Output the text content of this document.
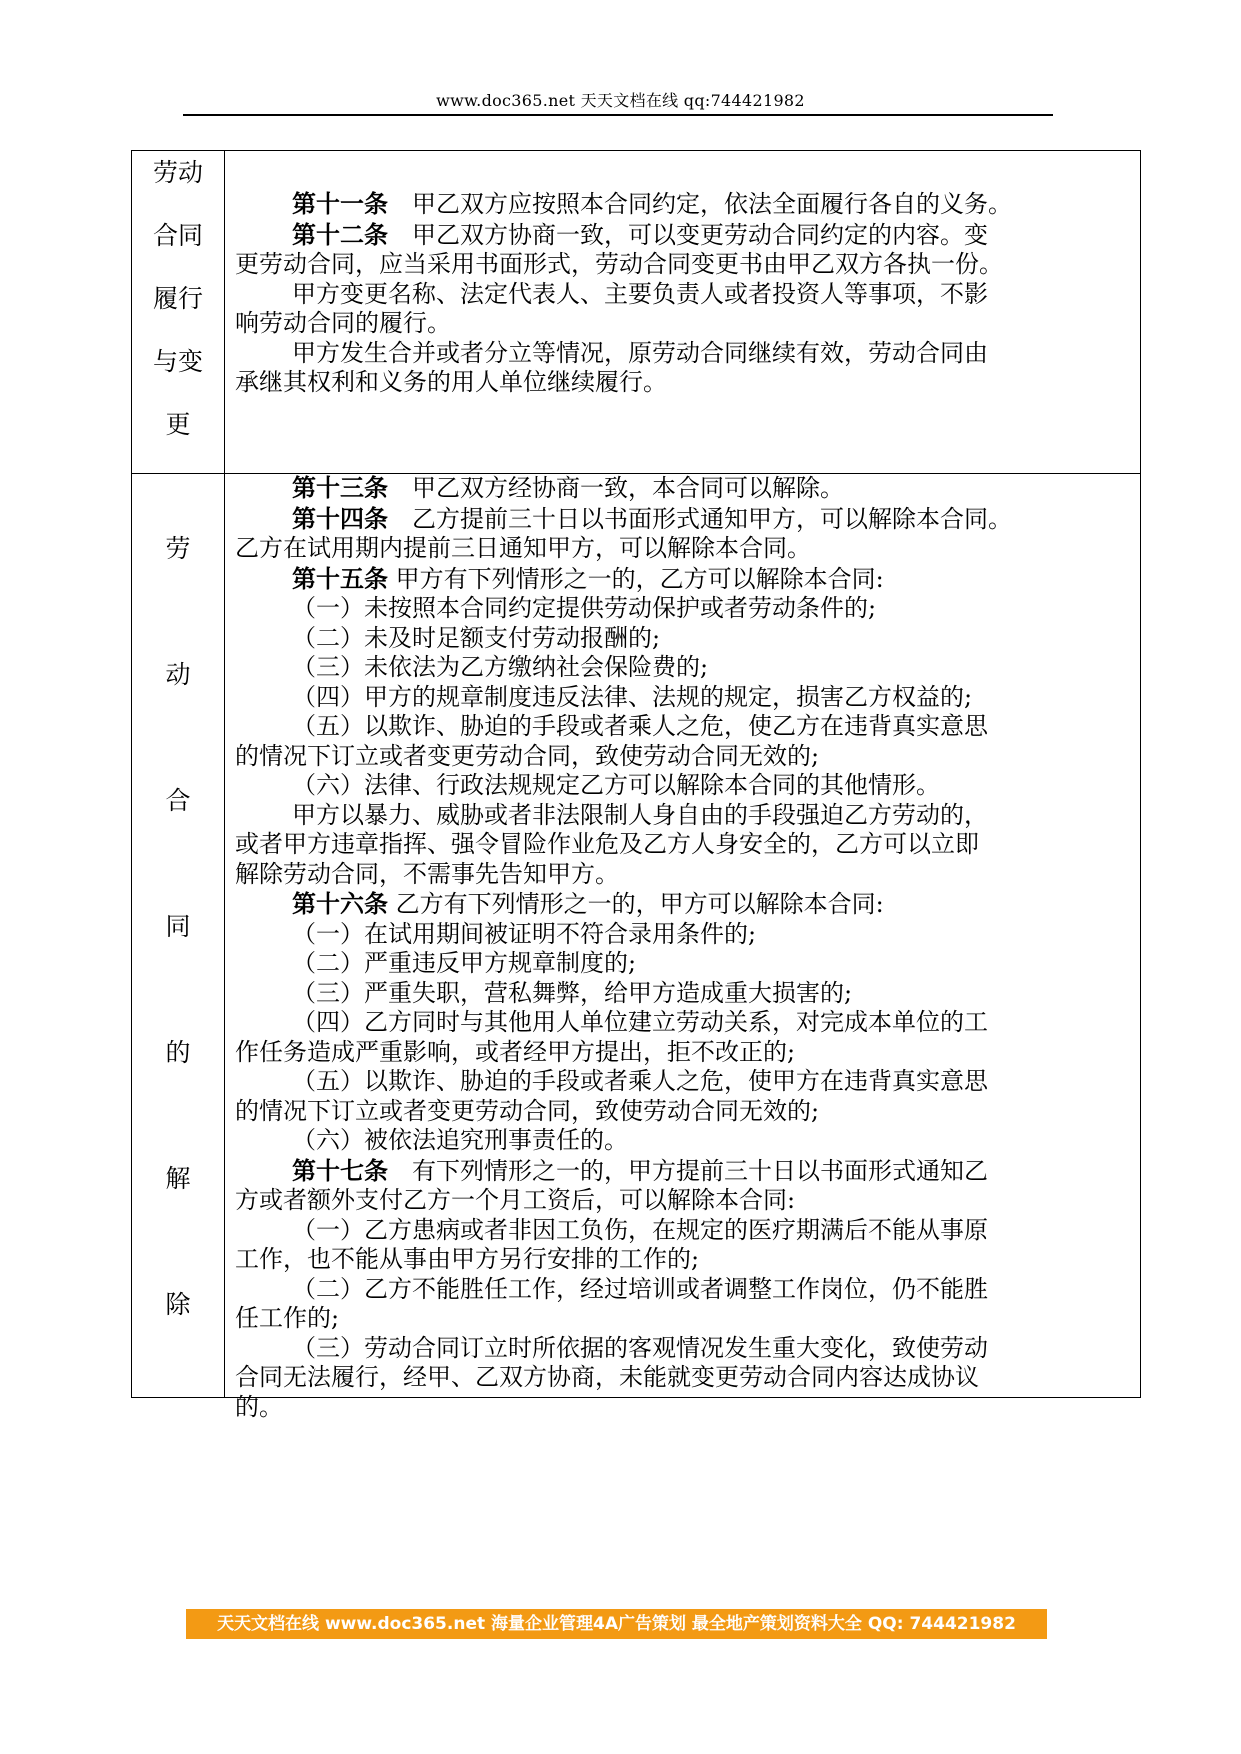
www.doc365.net 天天文档在线 qq:744421982
劳动
合同
履行
与变
更
第十一条　甲乙双方应按照本合同约定，依法全面履行各自的义务。
第十二条　甲乙双方协商一致，可以变更劳动合同约定的内容。变
更劳动合同，应当采用书面形式，劳动合同变更书由甲乙双方各执一份。
甲方变更名称、法定代表人、主要负责人或者投资人等事项，不影
响劳动合同的履行。
甲方发生合并或者分立等情况，原劳动合同继续有效，劳动合同由
承继其权利和义务的用人单位继续履行。
劳
动
合
同
的
解
除
第十三条　甲乙双方经协商一致，本合同可以解除。
第十四条　乙方提前三十日以书面形式通知甲方，可以解除本合同。
乙方在试用期内提前三日通知甲方，可以解除本合同。
第十五条 甲方有下列情形之一的，乙方可以解除本合同:
（一）未按照本合同约定提供劳动保护或者劳动条件的;
（二）未及时足额支付劳动报酬的;
（三）未依法为乙方缴纳社会保险费的;
（四）甲方的规章制度违反法律、法规的规定，损害乙方权益的;
（五）以欺诈、胁迫的手段或者乘人之危，使乙方在违背真实意思
的情况下订立或者变更劳动合同，致使劳动合同无效的;
（六）法律、行政法规规定乙方可以解除本合同的其他情形。
甲方以暴力、威胁或者非法限制人身自由的手段强迫乙方劳动的，
或者甲方违章指挥、强令冒险作业危及乙方人身安全的，乙方可以立即
解除劳动合同，不需事先告知甲方。
第十六条 乙方有下列情形之一的，甲方可以解除本合同:
（一）在试用期间被证明不符合录用条件的;
（二）严重违反甲方规章制度的;
（三）严重失职，营私舞弊，给甲方造成重大损害的;
（四）乙方同时与其他用人单位建立劳动关系，对完成本单位的工
作任务造成严重影响，或者经甲方提出，拒不改正的;
（五）以欺诈、胁迫的手段或者乘人之危，使甲方在违背真实意思
的情况下订立或者变更劳动合同，致使劳动合同无效的;
（六）被依法追究刑事责任的。
第十七条　有下列情形之一的，甲方提前三十日以书面形式通知乙
方或者额外支付乙方一个月工资后，可以解除本合同:
（一）乙方患病或者非因工负伤，在规定的医疗期满后不能从事原
工作，也不能从事由甲方另行安排的工作的;
（二）乙方不能胜任工作，经过培训或者调整工作岗位，仍不能胜
任工作的;
（三）劳动合同订立时所依据的客观情况发生重大变化，致使劳动
合同无法履行，经甲、乙双方协商，未能就变更劳动合同内容达成协议
的。
天天文档在线 www.doc365.net 海量企业管理4A广告策划 最全地产策划资料大全 QQ: 744421982
